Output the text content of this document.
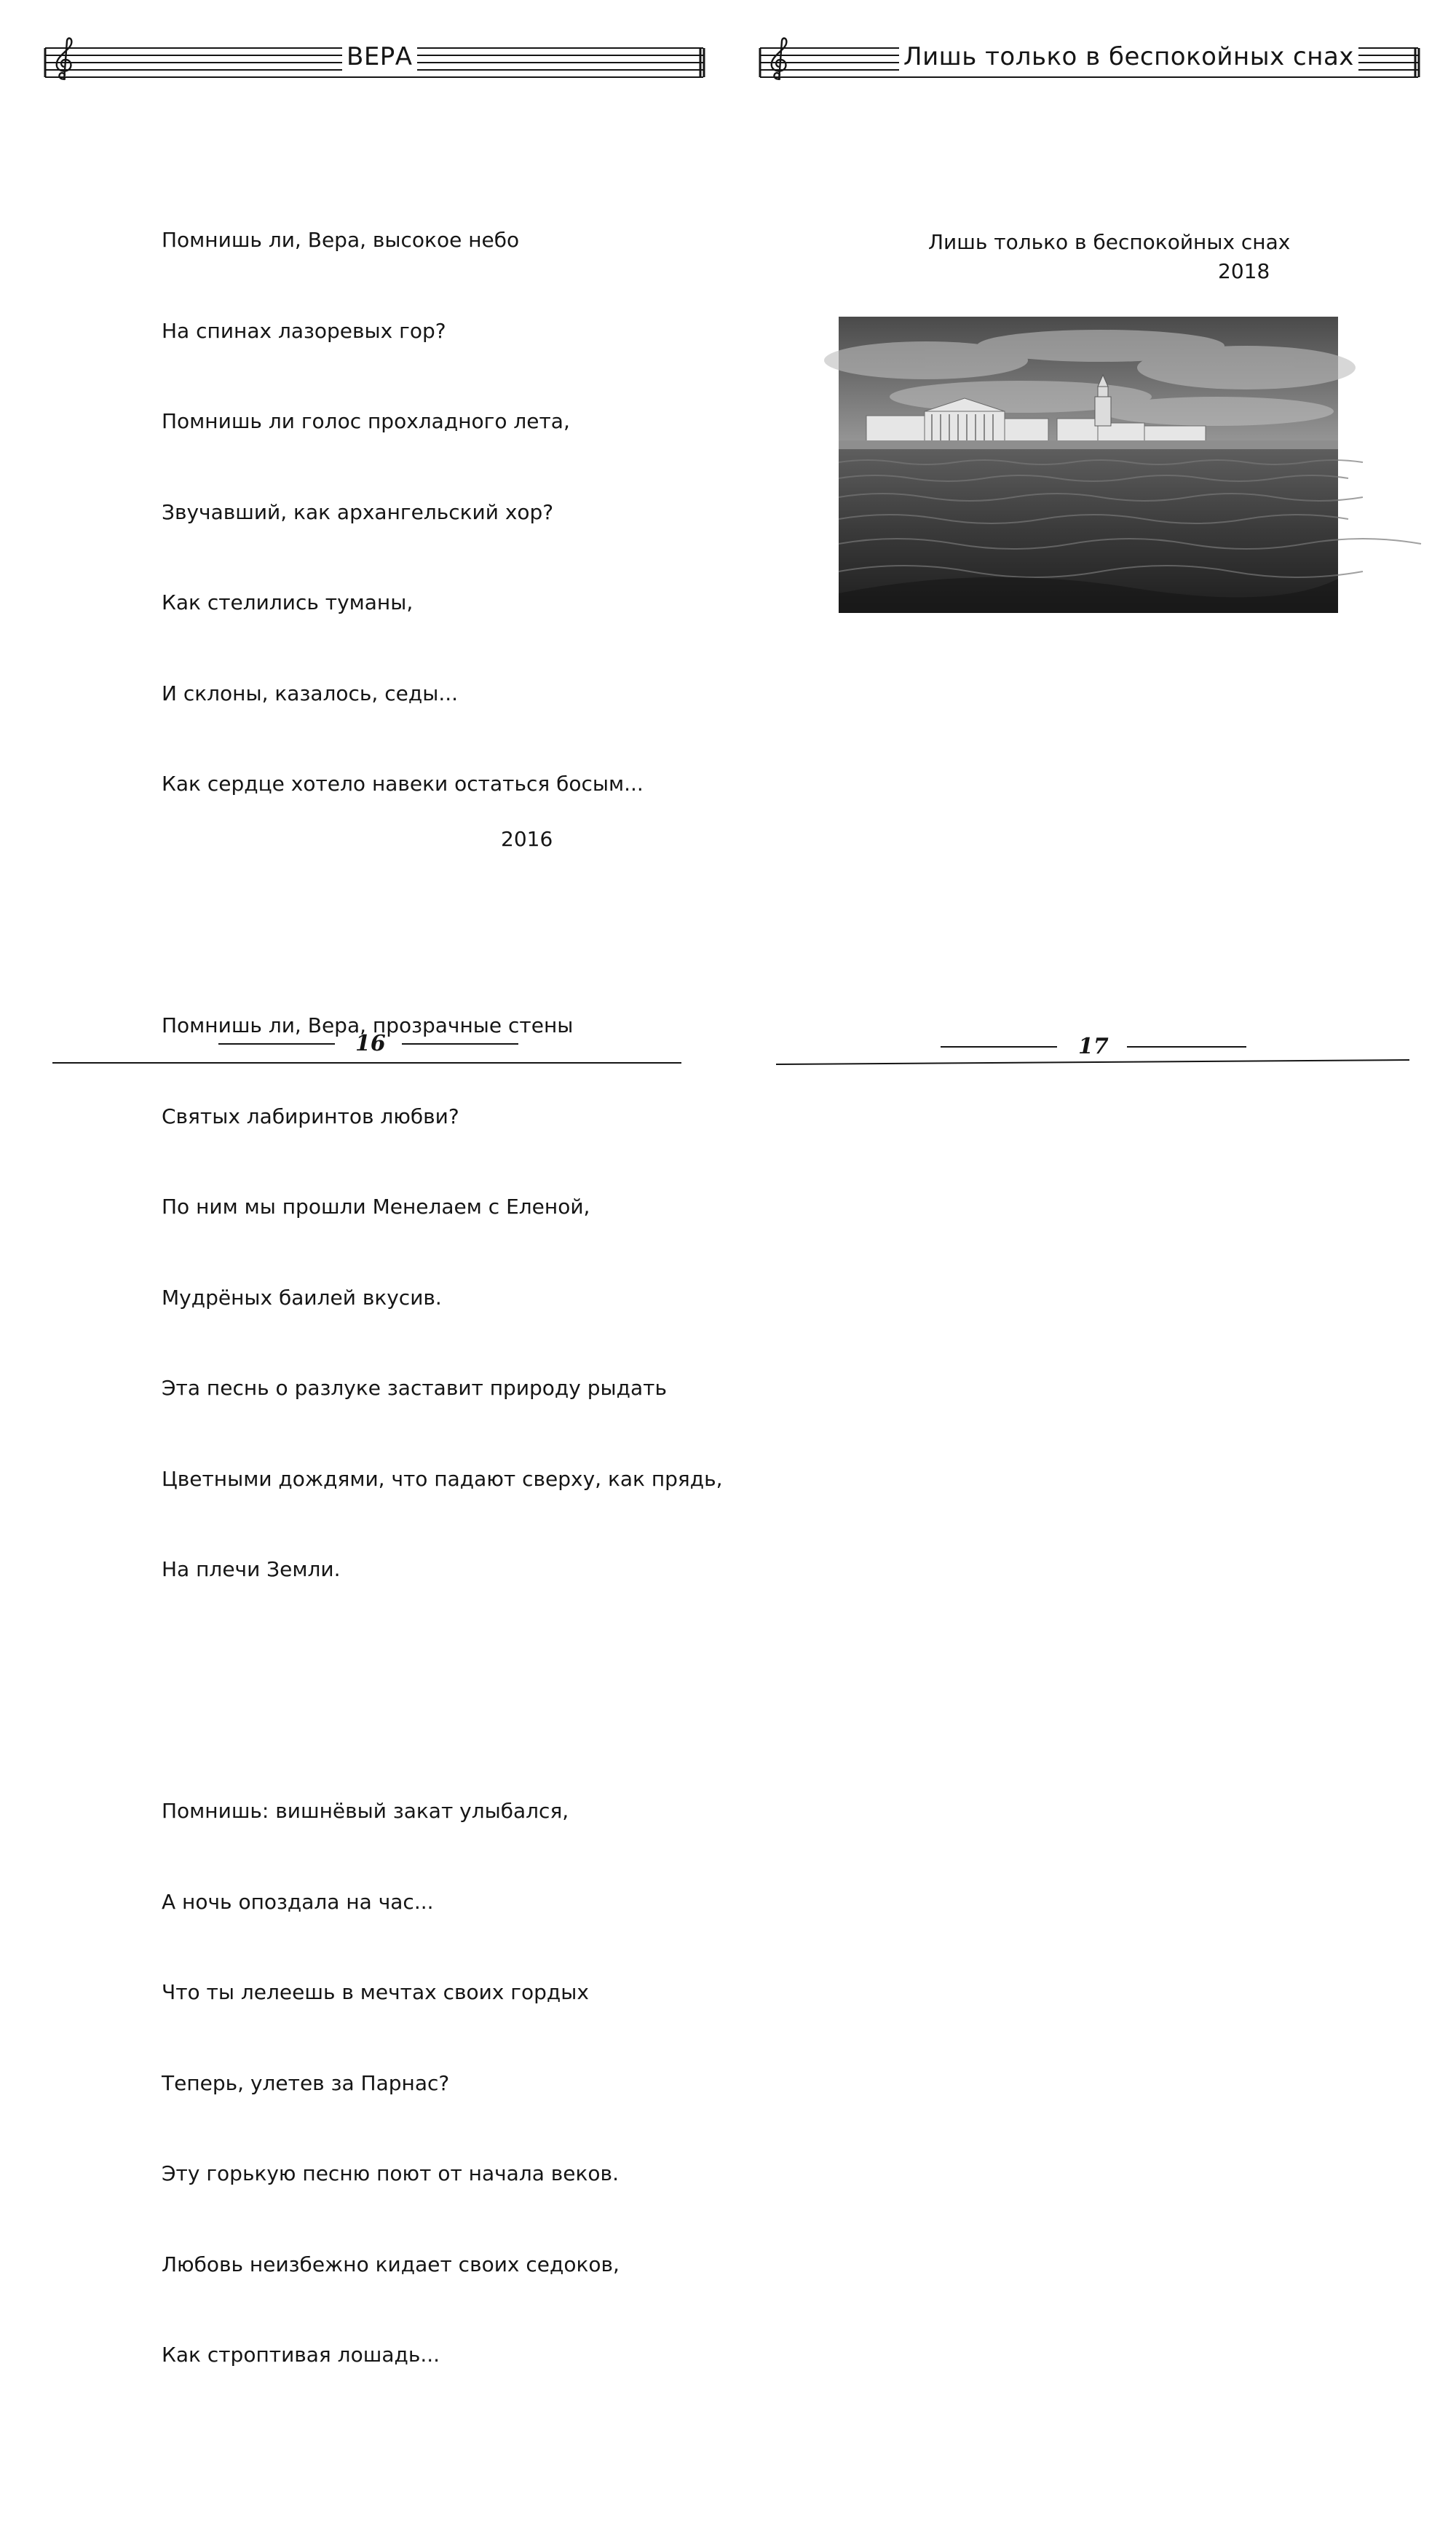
ВЕРА

Помнишь ли, Вера, высокое небо

На спинах лазоревых гор?

Помнишь ли голос прохладного лета,

Звучавший, как архангельский хор?

Как стелились туманы,

И склоны, казалось, седы...

Как сердце хотело навеки остаться босым...

Помнишь ли, Вера, прозрачные стены

Святых лабиринтов любви?

По ним мы прошли Менелаем с Еленой,

Мудрёных баилей вкусив.

Эта песнь о разлуке заставит природу рыдать

Цветными дождями, что падают сверху, как прядь,

На плечи Земли.

Помнишь: вишнёвый закат улыбался,

А ночь опоздала на час...

Что ты лелеешь в мечтах своих гордых

Теперь, улетев за Парнас?

Эту горькую песню поют от начала веков.

Любовь неизбежно кидает своих седоков,

Как строптивая лошадь...

2016
16

Лишь только в беспокойных снах

2018
Лишь только в беспокойных снах
17
